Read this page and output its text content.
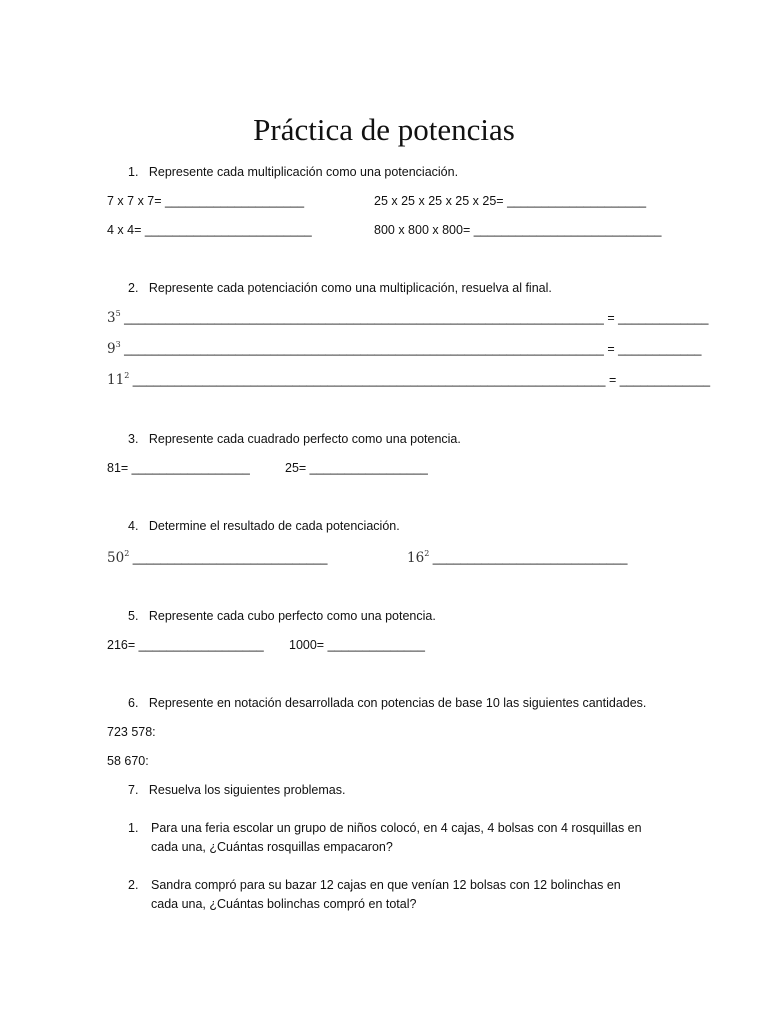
Práctica de potencias
1.   Represente cada multiplicación como una potenciación.
7 x 7 x 7= ____________________	25 x 25 x 25 x 25 x 25= ____________________
4 x 4= ________________________	800 x 800 x 800= ___________________________
2.   Represente cada potenciación como una multiplicación, resuelva al final.
$3^5$ _____________________________________________________________________ = _____________
$9^3$ _____________________________________________________________________ = ____________
$11^2$ ____________________________________________________________________ = _____________
3.   Represente cada cuadrado perfecto como una potencia.
81= _________________	25= _________________
4.   Determine el resultado de cada potenciación.
$50^2$ ____________________________	$16^2$ ____________________________
5.   Represente cada cubo perfecto como una potencia.
216= __________________ 1000= ______________
6.   Represente en notación desarrollada con potencias de base 10 las siguientes cantidades.
723 578:
58 670:
7.   Resuelva los siguientes problemas.
1. Para una feria escolar un grupo de niños colocó, en 4 cajas, 4 bolsas con 4 rosquillas en cada una, ¿Cuántas rosquillas empacaron?
2. Sandra compró para su bazar 12 cajas en que venían 12 bolsas con 12 bolinchas en cada una, ¿Cuántas bolinchas compró en total?
